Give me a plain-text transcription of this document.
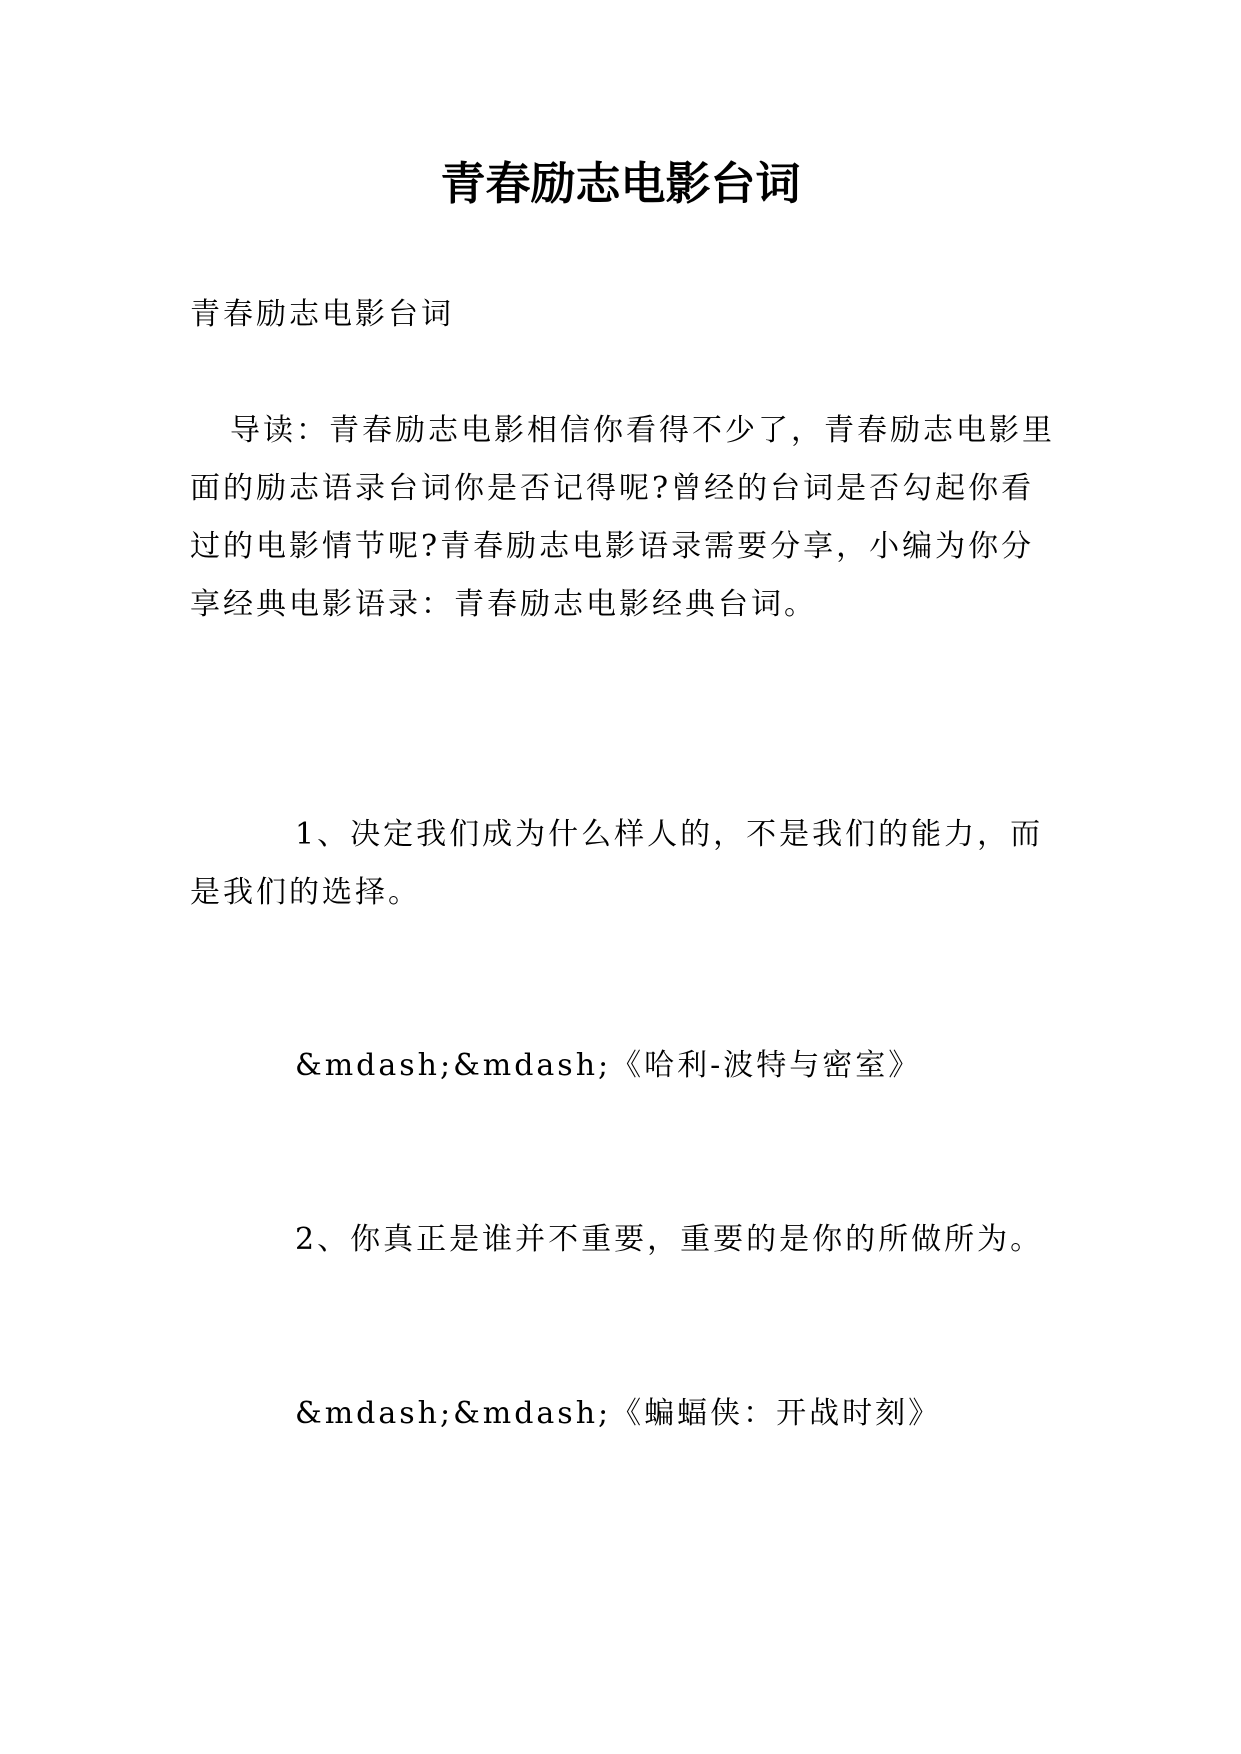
青春励志电影台词

青春励志电影台词

导读：青春励志电影相信你看得不少了，青春励志电影里面的励志语录台词你是否记得呢?曾经的台词是否勾起你看过的电影情节呢?青春励志电影语录需要分享，小编为你分享经典电影语录：青春励志电影经典台词。

1、决定我们成为什么样人的，不是我们的能力，而是我们的选择。

&mdash;&mdash;《哈利-波特与密室》

2、你真正是谁并不重要，重要的是你的所做所为。

&mdash;&mdash;《蝙蝠侠：开战时刻》
